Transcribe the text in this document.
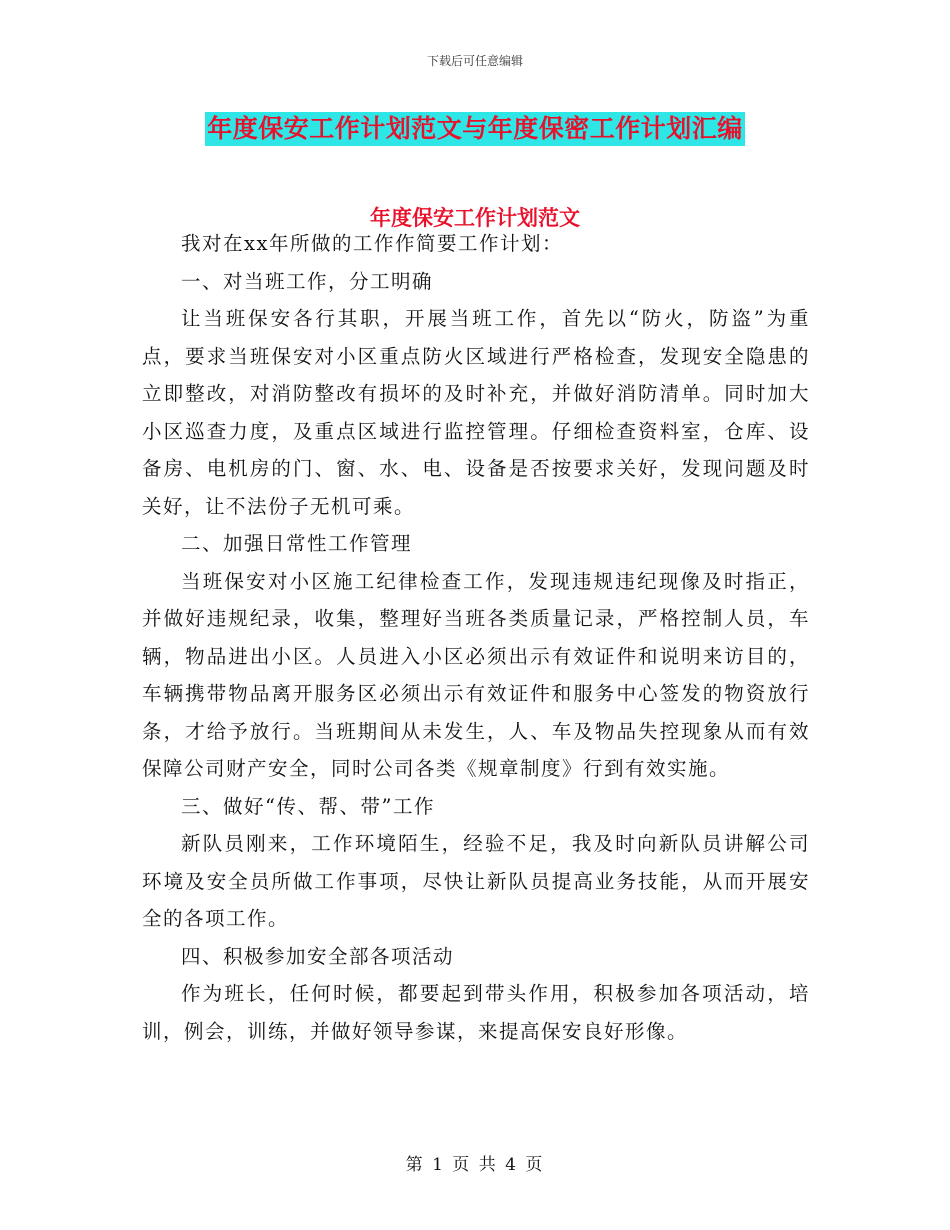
下载后可任意编辑
年度保安工作计划范文与年度保密工作计划汇编
年度保安工作计划范文

我对在xx年所做的工作作简要工作计划：

一、对当班工作，分工明确

让当班保安各行其职，开展当班工作，首先以“防火，防盗”为重点，要求当班保安对小区重点防火区域进行严格检查，发现安全隐患的立即整改，对消防整改有损坏的及时补充，并做好消防清单。同时加大小区巡查力度，及重点区域进行监控管理。仔细检查资料室，仓库、设备房、电机房的门、窗、水、电、设备是否按要求关好，发现问题及时关好，让不法份子无机可乘。

二、加强日常性工作管理

当班保安对小区施工纪律检查工作，发现违规违纪现像及时指正，并做好违规纪录，收集，整理好当班各类质量记录，严格控制人员，车辆，物品进出小区。人员进入小区必须出示有效证件和说明来访目的，车辆携带物品离开服务区必须出示有效证件和服务中心签发的物资放行条，才给予放行。当班期间从未发生，人、车及物品失控现象从而有效保障公司财产安全，同时公司各类《规章制度》行到有效实施。

三、做好“传、帮、带”工作

新队员刚来，工作环境陌生，经验不足，我及时向新队员讲解公司环境及安全员所做工作事项，尽快让新队员提高业务技能，从而开展安全的各项工作。

四、积极参加安全部各项活动

作为班长，任何时候，都要起到带头作用，积极参加各项活动，培训，例会，训练，并做好领导参谋，来提高保安良好形像。

第 1 页 共 4 页
